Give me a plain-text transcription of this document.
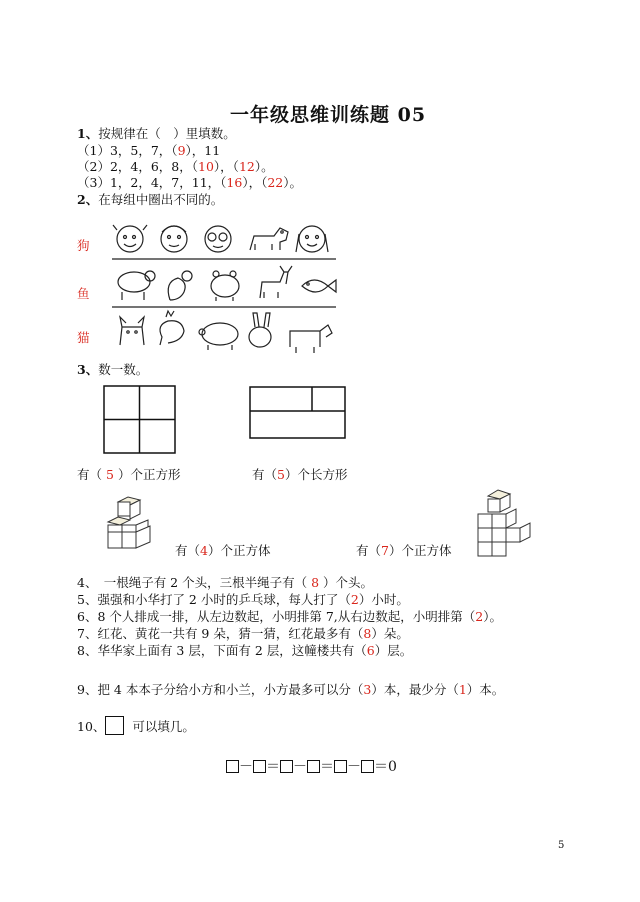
一年级思维训练题 05
1、按规律在（　）里填数。
（1）3，5，7，（9），11
（2）2，4，6，8，（10），（12）。
（3）1，2，4，7，11，（16），（22）。
2、在每组中圈出不同的。
狗
鱼
猫
3、数一数。
有（ 5 ）个正方形	有（5）个长方形
有（4）个正方体	有（7）个正方体
4、　一根绳子有 2 个头，三根半绳子有（ 8 ）个头。
5、强强和小华打了 2 小时的乒乓球，每人打了（2）小时。
6、8 个人排成一排，从左边数起，小明排第 7,从右边数起，小明排第（2）。
7、红花、黄花一共有 9 朵，猜一猜，红花最多有（8）朵。
8、华华家上面有 3 层，下面有 2 层，这幢楼共有（6）层。
9、把 4 本本子分给小方和小兰，小方最多可以分（3）本，最少分（1）本。
10、 可以填几。
－ ＝ － ＝ － ＝0
5
